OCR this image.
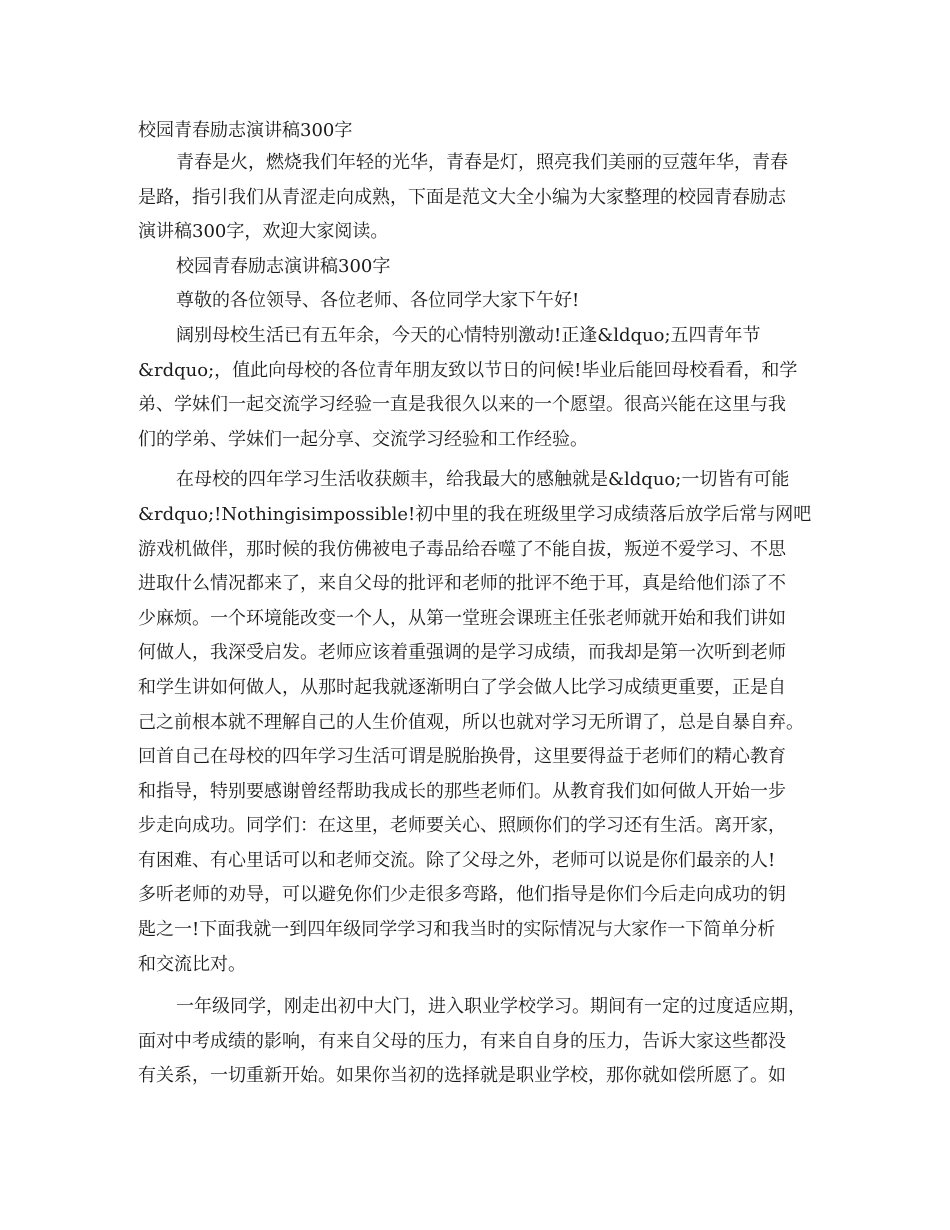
校园青春励志演讲稿300字
青春是火，燃烧我们年轻的光华，青春是灯，照亮我们美丽的豆蔻年华，青春
是路，指引我们从青涩走向成熟，下面是范文大全小编为大家整理的校园青春励志
演讲稿300字，欢迎大家阅读。
校园青春励志演讲稿300字
尊敬的各位领导、各位老师、各位同学大家下午好!
阔别母校生活已有五年余，今天的心情特别激动!正逢&ldquo;五四青年节
&rdquo;，值此向母校的各位青年朋友致以节日的问候!毕业后能回母校看看，和学
弟、学妹们一起交流学习经验一直是我很久以来的一个愿望。很高兴能在这里与我
们的学弟、学妹们一起分享、交流学习经验和工作经验。
在母校的四年学习生活收获颇丰，给我最大的感触就是&ldquo;一切皆有可能
&rdquo;!Nothingisimpossible!初中里的我在班级里学习成绩落后放学后常与网吧
游戏机做伴，那时候的我仿佛被电子毒品给吞噬了不能自拔，叛逆不爱学习、不思
进取什么情况都来了，来自父母的批评和老师的批评不绝于耳，真是给他们添了不
少麻烦。一个环境能改变一个人，从第一堂班会课班主任张老师就开始和我们讲如
何做人，我深受启发。老师应该着重强调的是学习成绩，而我却是第一次听到老师
和学生讲如何做人，从那时起我就逐渐明白了学会做人比学习成绩更重要，正是自
己之前根本就不理解自己的人生价值观，所以也就对学习无所谓了，总是自暴自弃。
回首自己在母校的四年学习生活可谓是脱胎换骨，这里要得益于老师们的精心教育
和指导，特别要感谢曾经帮助我成长的那些老师们。从教育我们如何做人开始一步
步走向成功。同学们：在这里，老师要关心、照顾你们的学习还有生活。离开家，
有困难、有心里话可以和老师交流。除了父母之外，老师可以说是你们最亲的人!
多听老师的劝导，可以避免你们少走很多弯路，他们指导是你们今后走向成功的钥
匙之一!下面我就一到四年级同学学习和我当时的实际情况与大家作一下简单分析
和交流比对。
一年级同学，刚走出初中大门，进入职业学校学习。期间有一定的过度适应期，
面对中考成绩的影响，有来自父母的压力，有来自自身的压力，告诉大家这些都没
有关系，一切重新开始。如果你当初的选择就是职业学校，那你就如偿所愿了。如
